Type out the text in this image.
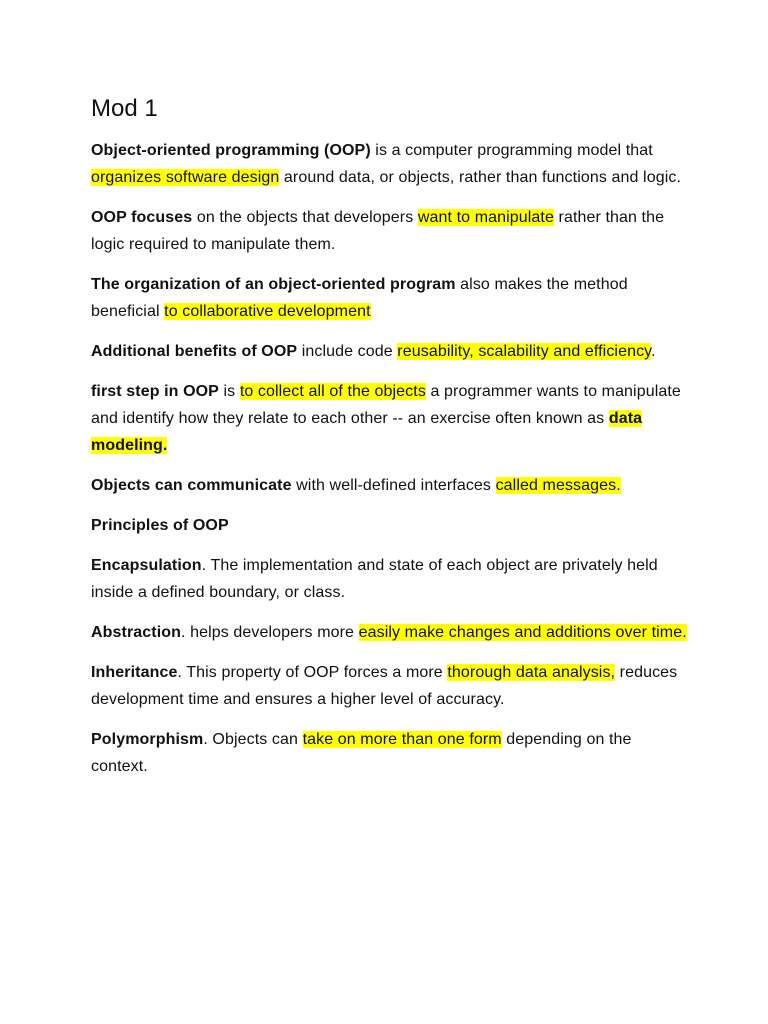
Mod 1

Object-oriented programming (OOP) is a computer programming model that organizes software design around data, or objects, rather than functions and logic.

OOP focuses on the objects that developers want to manipulate rather than the logic required to manipulate them.

The organization of an object-oriented program also makes the method beneficial to collaborative development

Additional benefits of OOP include code reusability, scalability and efficiency.

first step in OOP is to collect all of the objects a programmer wants to manipulate and identify how they relate to each other -- an exercise often known as data modeling.

Objects can communicate with well-defined interfaces called messages.

Principles of OOP

Encapsulation. The implementation and state of each object are privately held inside a defined boundary, or class.

Abstraction. helps developers more easily make changes and additions over time.

Inheritance. This property of OOP forces a more thorough data analysis, reduces development time and ensures a higher level of accuracy.

Polymorphism. Objects can take on more than one form depending on the context.
